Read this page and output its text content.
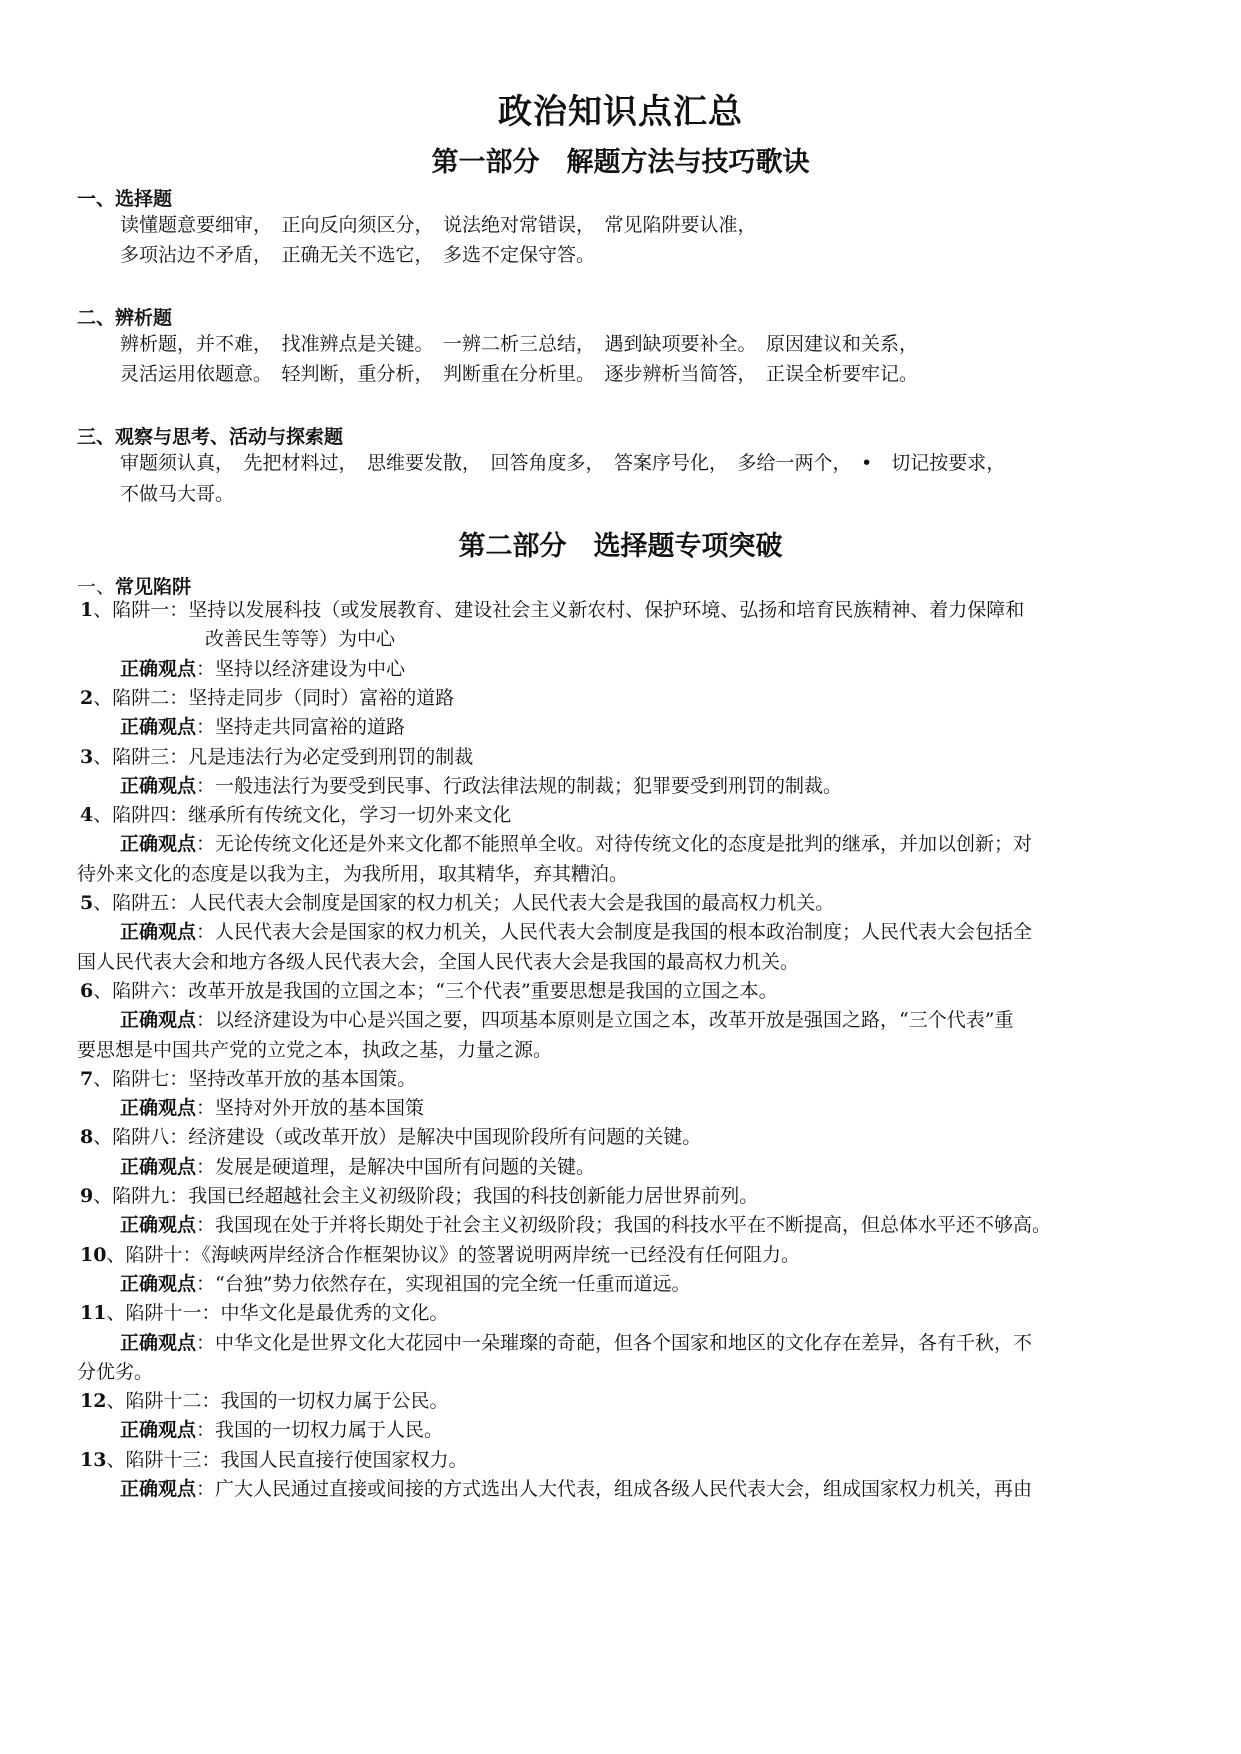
政治知识点汇总
第一部分　解题方法与技巧歌诀
一、选择题
读懂题意要细审，　正向反向须区分，　说法绝对常错误，　常见陷阱要认准，
多项沾边不矛盾，　正确无关不选它，　多选不定保守答。
二、辨析题
辨析题，并不难，　找准辨点是关键。　一辨二析三总结，　遇到缺项要补全。　原因建议和关系，
灵活运用依题意。　轻判断，重分析，　判断重在分析里。　逐步辨析当简答，　正误全析要牢记。
三、观察与思考、活动与探索题
审题须认真，　先把材料过，　思维要发散，　回答角度多，　答案序号化，　多给一两个，　•　切记按要求，
不做马大哥。
第二部分　选择题专项突破
一、常见陷阱
1、陷阱一：坚持以发展科技（或发展教育、建设社会主义新农村、保护环境、弘扬和培育民族精神、着力保障和
改善民生等等）为中心
正确观点：坚持以经济建设为中心
2、陷阱二：坚持走同步（同时）富裕的道路
正确观点：坚持走共同富裕的道路
3、陷阱三：凡是违法行为必定受到刑罚的制裁
正确观点：一般违法行为要受到民事、行政法律法规的制裁；犯罪要受到刑罚的制裁。
4、陷阱四：继承所有传统文化，学习一切外来文化
正确观点：无论传统文化还是外来文化都不能照单全收。对待传统文化的态度是批判的继承，并加以创新；对
待外来文化的态度是以我为主，为我所用，取其精华，弃其糟泊。
5、陷阱五：人民代表大会制度是国家的权力机关；人民代表大会是我国的最高权力机关。
正确观点：人民代表大会是国家的权力机关，人民代表大会制度是我国的根本政治制度；人民代表大会包括全
国人民代表大会和地方各级人民代表大会，全国人民代表大会是我国的最高权力机关。
6、陷阱六：改革开放是我国的立国之本；“三个代表”重要思想是我国的立国之本。
正确观点：以经济建设为中心是兴国之要，四项基本原则是立国之本，改革开放是强国之路，“三个代表”重
要思想是中国共产党的立党之本，执政之基，力量之源。
7、陷阱七：坚持改革开放的基本国策。
正确观点：坚持对外开放的基本国策
8、陷阱八：经济建设（或改革开放）是解决中国现阶段所有问题的关键。
正确观点：发展是硬道理，是解决中国所有问题的关键。
9、陷阱九：我国已经超越社会主义初级阶段；我国的科技创新能力居世界前列。
正确观点：我国现在处于并将长期处于社会主义初级阶段；我国的科技水平在不断提高，但总体水平还不够高。
10、陷阱十：《海峡两岸经济合作框架协议》的签署说明两岸统一已经没有任何阻力。
正确观点：“台独”势力依然存在，实现祖国的完全统一任重而道远。
11、陷阱十一：中华文化是最优秀的文化。
正确观点：中华文化是世界文化大花园中一朵璀璨的奇葩，但各个国家和地区的文化存在差异，各有千秋，不
分优劣。
12、陷阱十二：我国的一切权力属于公民。
正确观点：我国的一切权力属于人民。
13、陷阱十三：我国人民直接行使国家权力。
正确观点：广大人民通过直接或间接的方式选出人大代表，组成各级人民代表大会，组成国家权力机关，再由
